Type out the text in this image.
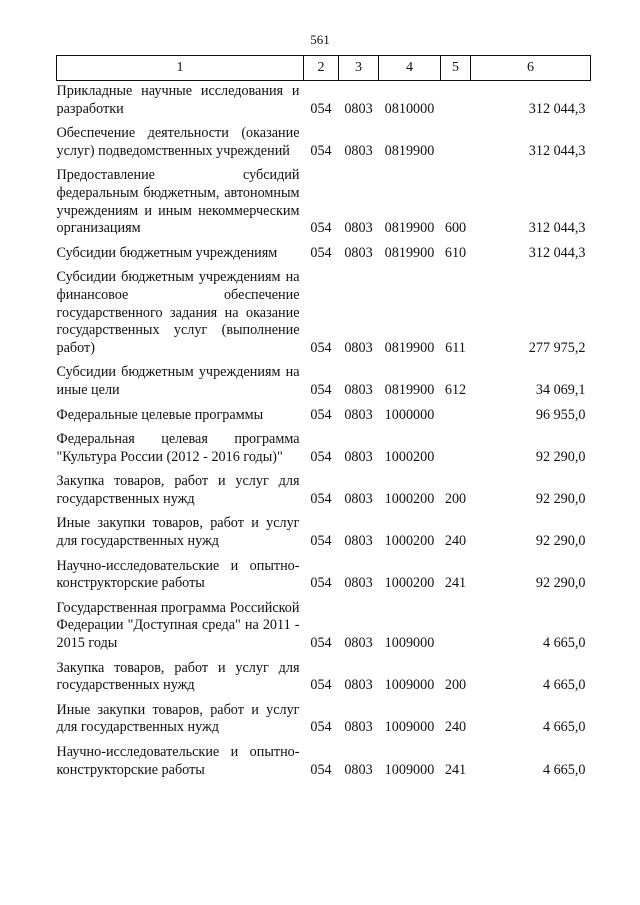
561
1	2	3	4	5	6
Прикладные научные исследования и разработки	054	0803	0810000		312 044,3
Обеспечение деятельности (оказание услуг) подведомственных учреждений	054	0803	0819900		312 044,3
Предоставление субсидий федеральным бюджетным, автономным учреждениям и иным некоммерческим организациям	054	0803	0819900	600	312 044,3
Субсидии бюджетным учреждениям	054	0803	0819900	610	312 044,3
Субсидии бюджетным учреждениям на финансовое обеспечение государственного задания на оказание государственных услуг (выполнение работ)	054	0803	0819900	611	277 975,2
Субсидии бюджетным учреждениям на иные цели	054	0803	0819900	612	34 069,1
Федеральные целевые программы	054	0803	1000000		96 955,0
Федеральная целевая программа "Культура России (2012 - 2016 годы)"	054	0803	1000200		92 290,0
Закупка товаров, работ и услуг для государственных нужд	054	0803	1000200	200	92 290,0
Иные закупки товаров, работ и услуг для государственных нужд	054	0803	1000200	240	92 290,0
Научно-исследовательские и опытно-конструкторские работы	054	0803	1000200	241	92 290,0
Государственная программа Российской Федерации "Доступная среда" на 2011 - 2015 годы	054	0803	1009000		4 665,0
Закупка товаров, работ и услуг для государственных нужд	054	0803	1009000	200	4 665,0
Иные закупки товаров, работ и услуг для государственных нужд	054	0803	1009000	240	4 665,0
Научно-исследовательские и опытно-конструкторские работы	054	0803	1009000	241	4 665,0
